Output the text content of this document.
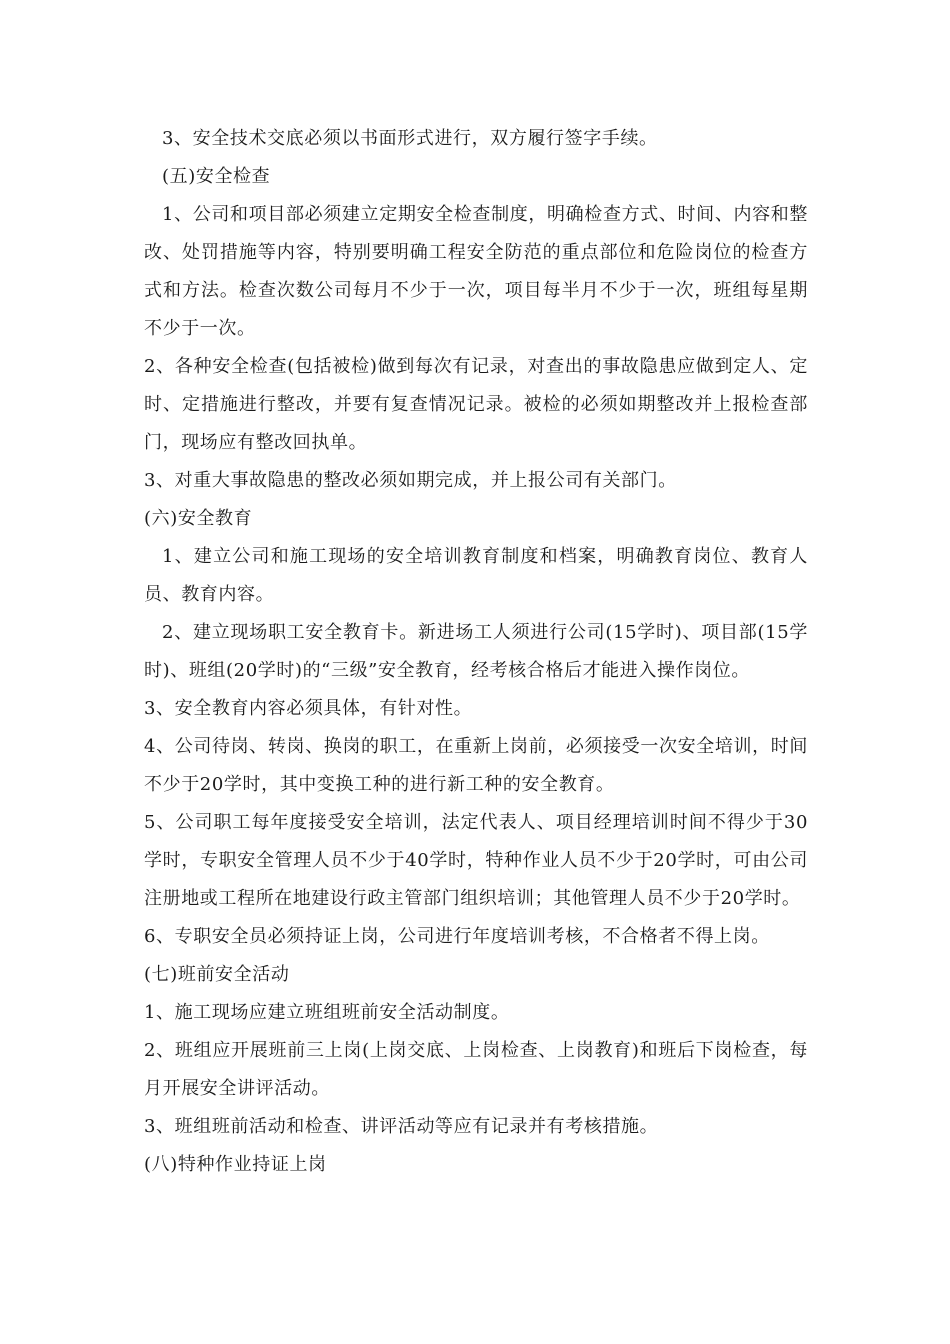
3、安全技术交底必须以书面形式进行，双方履行签字手续。

(五)安全检查

1、公司和项目部必须建立定期安全检查制度，明确检查方式、时间、内容和整改、处罚措施等内容，特别要明确工程安全防范的重点部位和危险岗位的检查方式和方法。检查次数公司每月不少于一次，项目每半月不少于一次，班组每星期不少于一次。

2、各种安全检查(包括被检)做到每次有记录，对查出的事故隐患应做到定人、定时、定措施进行整改，并要有复查情况记录。被检的必须如期整改并上报检查部门，现场应有整改回执单。

3、对重大事故隐患的整改必须如期完成，并上报公司有关部门。

(六)安全教育

1、建立公司和施工现场的安全培训教育制度和档案，明确教育岗位、教育人员、教育内容。

2、建立现场职工安全教育卡。新进场工人须进行公司(15学时)、项目部(15学时)、班组(20学时)的“三级”安全教育，经考核合格后才能进入操作岗位。

3、安全教育内容必须具体，有针对性。

4、公司待岗、转岗、换岗的职工，在重新上岗前，必须接受一次安全培训，时间不少于20学时，其中变换工种的进行新工种的安全教育。

5、公司职工每年度接受安全培训，法定代表人、项目经理培训时间不得少于30学时，专职安全管理人员不少于40学时，特种作业人员不少于20学时，可由公司注册地或工程所在地建设行政主管部门组织培训；其他管理人员不少于20学时。

6、专职安全员必须持证上岗，公司进行年度培训考核，不合格者不得上岗。

(七)班前安全活动

1、施工现场应建立班组班前安全活动制度。

2、班组应开展班前三上岗(上岗交底、上岗检查、上岗教育)和班后下岗检查，每月开展安全讲评活动。

3、班组班前活动和检查、讲评活动等应有记录并有考核措施。

(八)特种作业持证上岗
